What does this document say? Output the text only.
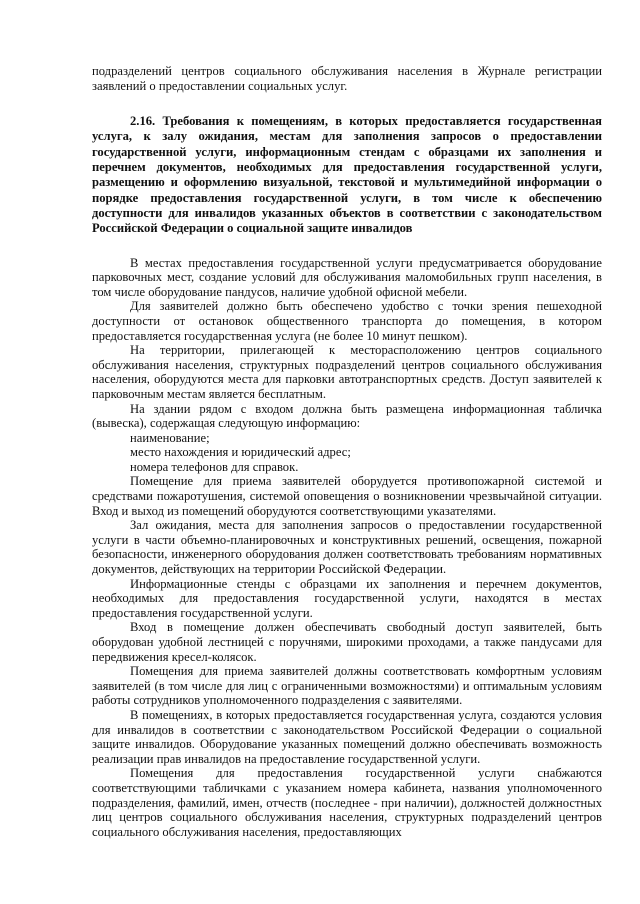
подразделений центров социального обслуживания населения в Журнале регистрации заявлений о предоставлении социальных услуг.

2.16. Требования к помещениям, в которых предоставляется государственная услуга, к залу ожидания, местам для заполнения запросов о предоставлении государственной услуги, информационным стендам с образцами их заполнения и перечнем документов, необходимых для предоставления государственной услуги, размещению и оформлению визуальной, текстовой и мультимедийной информации о порядке предоставления государственной услуги, в том числе к обеспечению доступности для инвалидов указанных объектов в соответствии с законодательством Российской Федерации о социальной защите инвалидов

В местах предоставления государственной услуги предусматривается оборудование парковочных мест, создание условий для обслуживания маломобильных групп населения, в том числе оборудование пандусов, наличие удобной офисной мебели.

Для заявителей должно быть обеспечено удобство с точки зрения пешеходной доступности от остановок общественного транспорта до помещения, в котором предоставляется государственная услуга (не более 10 минут пешком).

На территории, прилегающей к месторасположению центров социального обслуживания населения, структурных подразделений центров социального обслуживания населения, оборудуются места для парковки автотранспортных средств. Доступ заявителей к парковочным местам является бесплатным.

На здании рядом с входом должна быть размещена информационная табличка (вывеска), содержащая следующую информацию:

наименование;

место нахождения и юридический адрес;

номера телефонов для справок.

Помещение для приема заявителей оборудуется противопожарной системой и средствами пожаротушения, системой оповещения о возникновении чрезвычайной ситуации. Вход и выход из помещений оборудуются соответствующими указателями.

Зал ожидания, места для заполнения запросов о предоставлении государственной услуги в части объемно-планировочных и конструктивных решений, освещения, пожарной безопасности, инженерного оборудования должен соответствовать требованиям нормативных документов, действующих на территории Российской Федерации.

Информационные стенды с образцами их заполнения и перечнем документов, необходимых для предоставления государственной услуги, находятся в местах предоставления государственной услуги.

Вход в помещение должен обеспечивать свободный доступ заявителей, быть оборудован удобной лестницей с поручнями, широкими проходами, а также пандусами для передвижения кресел-колясок.

Помещения для приема заявителей должны соответствовать комфортным условиям заявителей (в том числе для лиц с ограниченными возможностями) и оптимальным условиям работы сотрудников уполномоченного подразделения с заявителями.

В помещениях, в которых предоставляется государственная услуга, создаются условия для инвалидов в соответствии с законодательством Российской Федерации о социальной защите инвалидов. Оборудование указанных помещений должно обеспечивать возможность реализации прав инвалидов на предоставление государственной услуги.

Помещения для предоставления государственной услуги снабжаются соответствующими табличками с указанием номера кабинета, названия уполномоченного подразделения, фамилий, имен, отчеств (последнее - при наличии), должностей должностных лиц центров социального обслуживания населения, структурных подразделений центров социального обслуживания населения, предоставляющих
